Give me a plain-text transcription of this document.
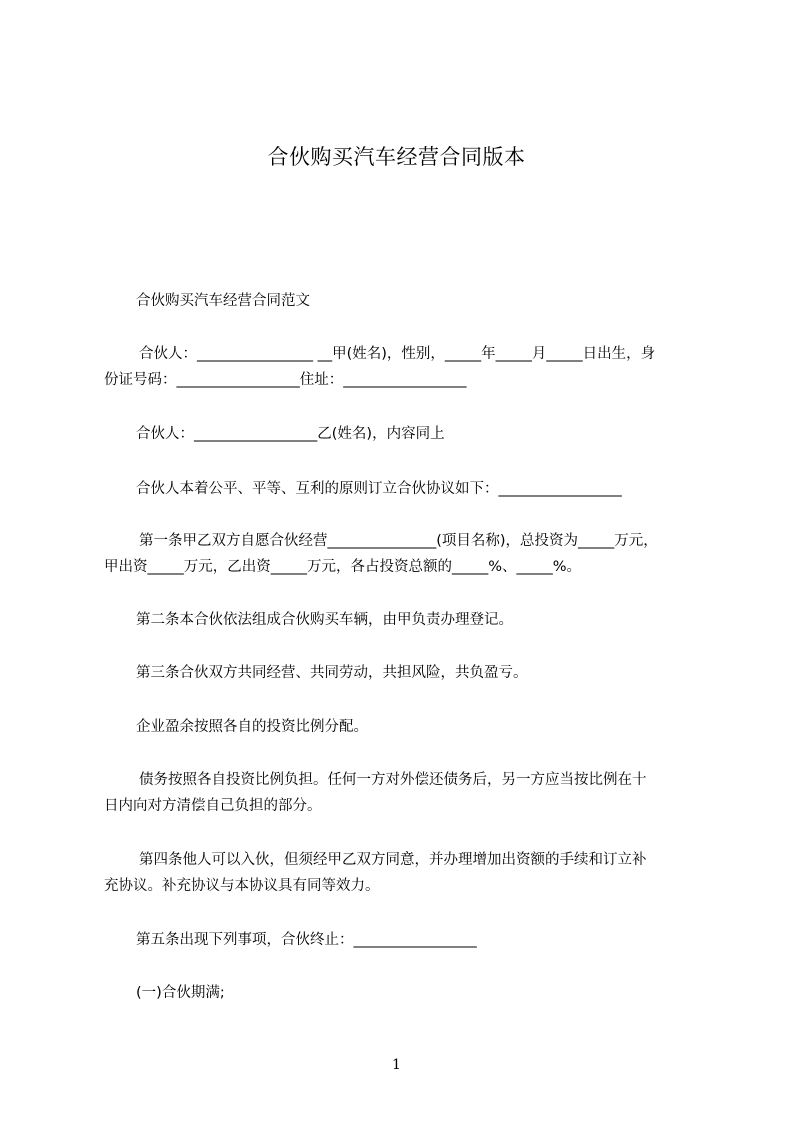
合伙购买汽车经营合同版本
合伙购买汽车经营合同范文
合伙人：________________ __甲(姓名)，性别，_____年_____月_____日出生，身
份证号码：_________________住址：_________________
合伙人：_________________乙(姓名)，内容同上
合伙人本着公平、平等、互利的原则订立合伙协议如下：_________________
第一条甲乙双方自愿合伙经营_______________(项目名称)，总投资为_____万元，
甲出资_____万元，乙出资_____万元，各占投资总额的_____%、_____%。
第二条本合伙依法组成合伙购买车辆，由甲负责办理登记。
第三条合伙双方共同经营、共同劳动，共担风险，共负盈亏。
企业盈余按照各自的投资比例分配。
债务按照各自投资比例负担。任何一方对外偿还债务后，另一方应当按比例在十
日内向对方清偿自己负担的部分。
第四条他人可以入伙，但须经甲乙双方同意，并办理增加出资额的手续和订立补
充协议。补充协议与本协议具有同等效力。
第五条出现下列事项，合伙终止：_________________
(一)合伙期满;
1
